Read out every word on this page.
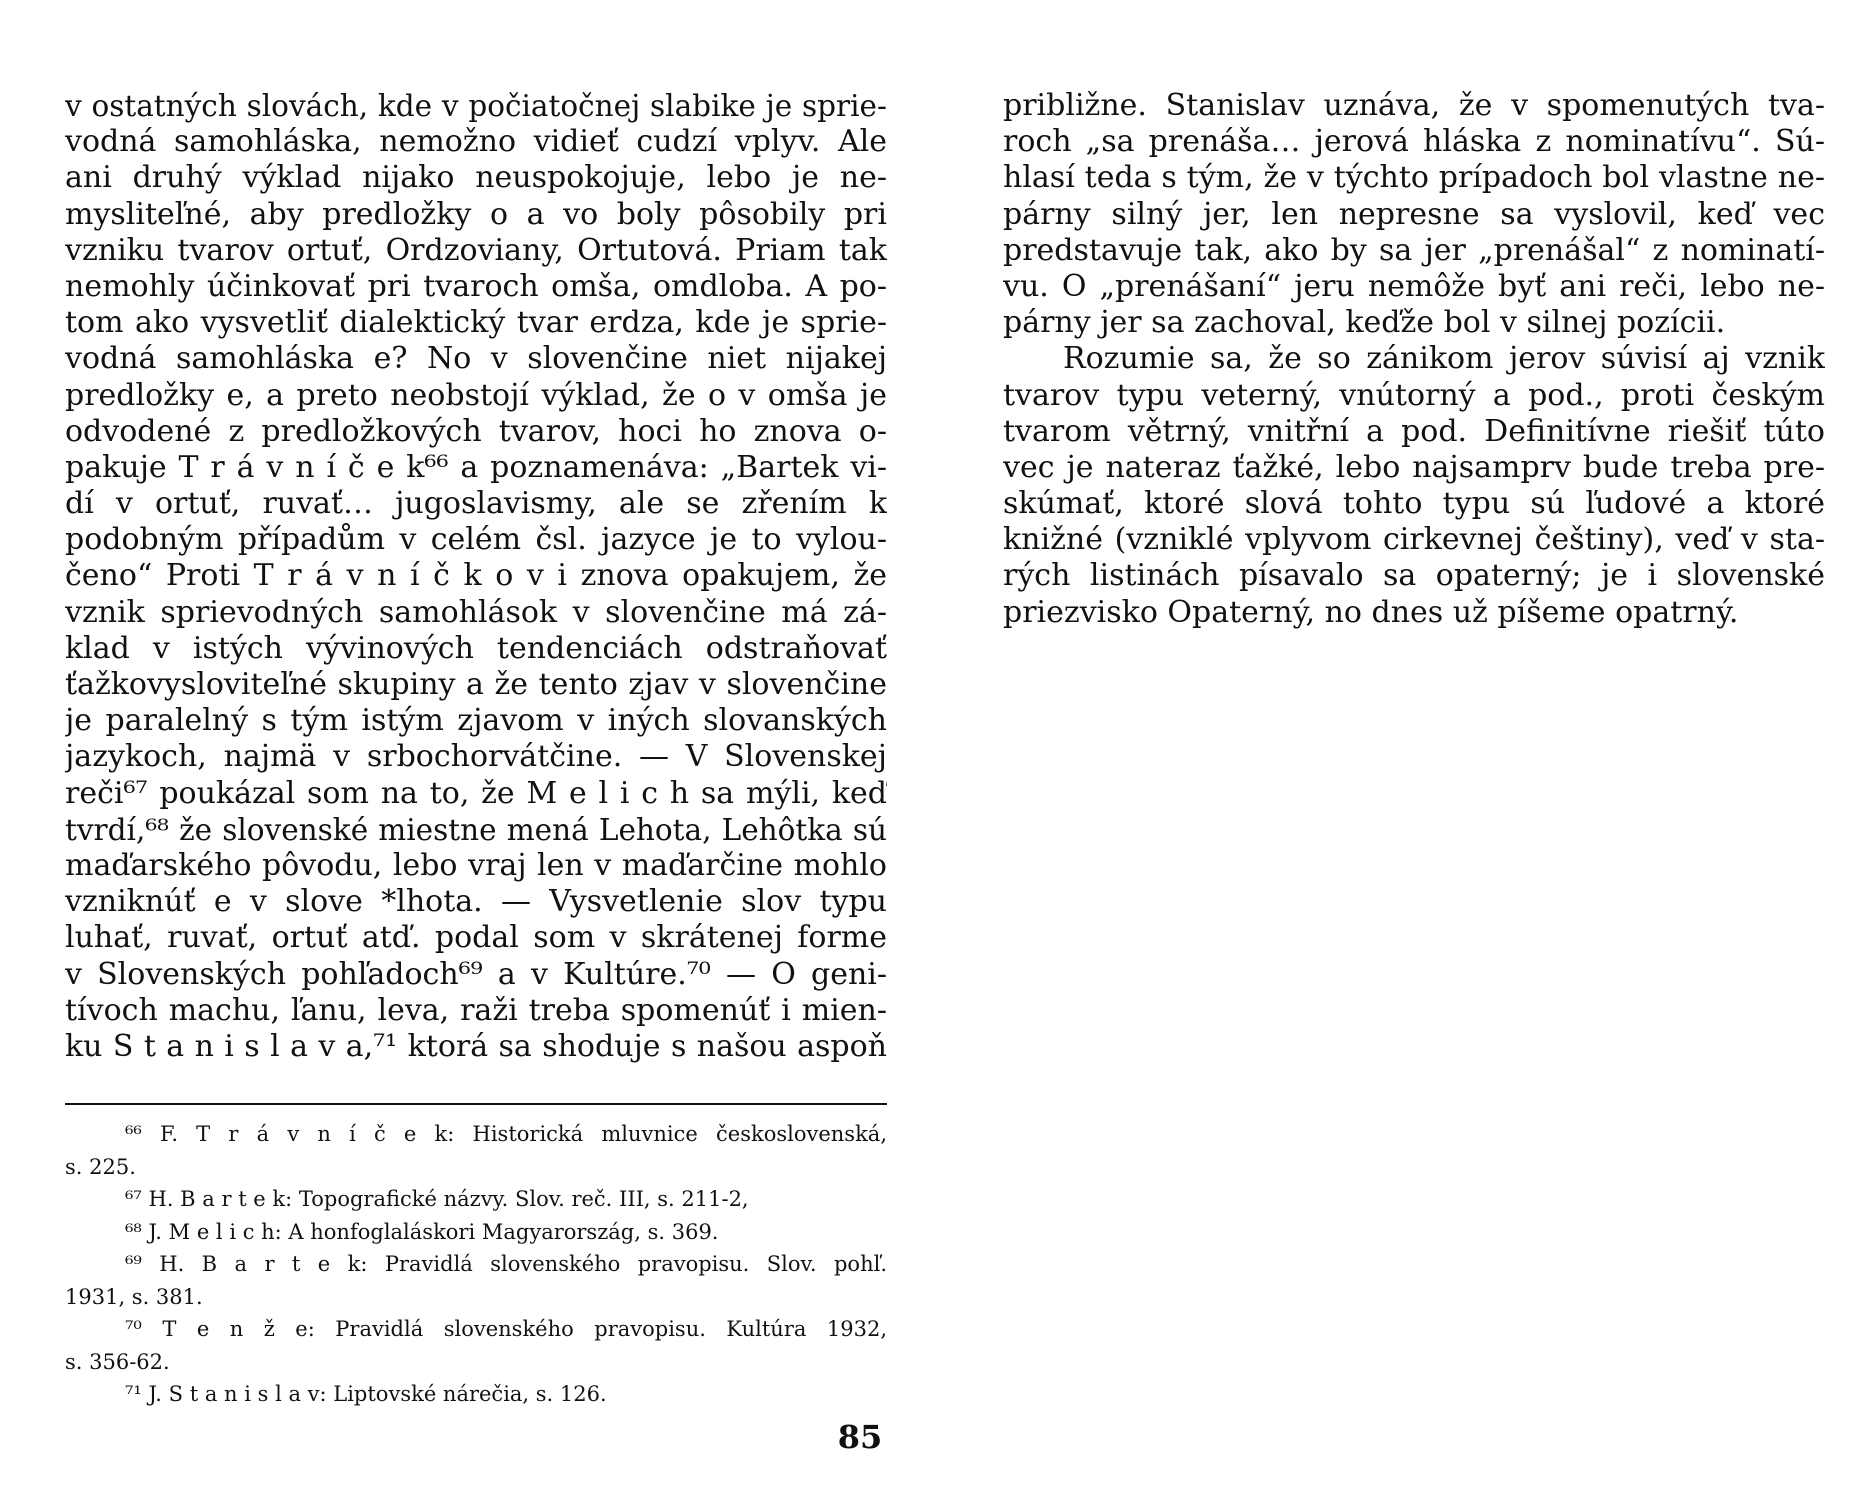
v ostatných slovách, kde v počiatočnej slabike je sprie-
vodná samohláska, nemožno vidieť cudzí vplyv. Ale
ani druhý výklad nijako neuspokojuje, lebo je ne-
mysliteľné, aby predložky o a vo boly pôsobily pri
vzniku tvarov ortuť, Ordzoviany, Ortutová. Priam tak
nemohly účinkovať pri tvaroch omša, omdloba. A po-
tom ako vysvetliť dialektický tvar erdza, kde je sprie-
vodná samohláska e? No v slovenčine niet nijakej
predložky e, a preto neobstojí výklad, že o v omša je
odvodené z predložkových tvarov, hoci ho znova o-
pakuje T r á v n í č e k⁶⁶ a poznamenáva: „Bartek vi-
dí v ortuť, ruvať… jugoslavismy, ale se zřením k
podobným případům v celém čsl. jazyce je to vylou-
čeno“ Proti T r á v n í č k o v i znova opakujem, že
vznik sprievodných samohlások v slovenčine má zá-
klad v istých vývinových tendenciách odstraňovať
ťažkovysloviteľné skupiny a že tento zjav v slovenčine
je paralelný s tým istým zjavom v iných slovanských
jazykoch, najmä v srbochorvátčine. — V Slovenskej
reči⁶⁷ poukázal som na to, že M e l i c h sa mýli, keď
tvrdí,⁶⁸ že slovenské miestne mená Lehota, Lehôtka sú
maďarského pôvodu, lebo vraj len v maďarčine mohlo
vzniknúť e v slove *lhota. — Vysvetlenie slov typu
luhať, ruvať, ortuť atď. podal som v skrátenej forme
v Slovenských pohľadoch⁶⁹ a v Kultúre.⁷⁰ — O geni-
tívoch machu, ľanu, leva, raži treba spomenúť i mien-
ku S t a n i s l a v a,⁷¹ ktorá sa shoduje s našou aspoň
približne. Stanislav uznáva, že v spomenutých tva-
roch „sa prenáša… jerová hláska z nominatívu“. Sú-
hlasí teda s tým, že v týchto prípadoch bol vlastne ne-
párny silný jer, len nepresne sa vyslovil, keď vec
predstavuje tak, ako by sa jer „prenášal“ z nominatí-
vu. O „prenášaní“ jeru nemôže byť ani reči, lebo ne-
párny jer sa zachoval, keďže bol v silnej pozícii.
Rozumie sa, že so zánikom jerov súvisí aj vznik
tvarov typu veterný, vnútorný a pod., proti českým
tvarom větrný, vnitřní a pod. Definitívne riešiť túto
vec je nateraz ťažké, lebo najsamprv bude treba pre-
skúmať, ktoré slová tohto typu sú ľudové a ktoré
knižné (vzniklé vplyvom cirkevnej češtiny), veď v sta-
rých listinách písavalo sa opaterný; je i slovenské
priezvisko Opaterný, no dnes už píšeme opatrný.
⁶⁶ F. T r á v n í č e k: Historická mluvnice československá,
s. 225.
⁶⁷ H. B a r t e k: Topografické názvy. Slov. reč. III, s. 211-2,
⁶⁸ J. M e l i c h: A honfoglaláskori Magyarország, s. 369.
⁶⁹ H. B a r t e k: Pravidlá slovenského pravopisu. Slov. pohľ.
1931, s. 381.
⁷⁰ T e n ž e: Pravidlá slovenského pravopisu. Kultúra 1932,
s. 356-62.
⁷¹ J. S t a n i s l a v: Liptovské nárečia, s. 126.
85
